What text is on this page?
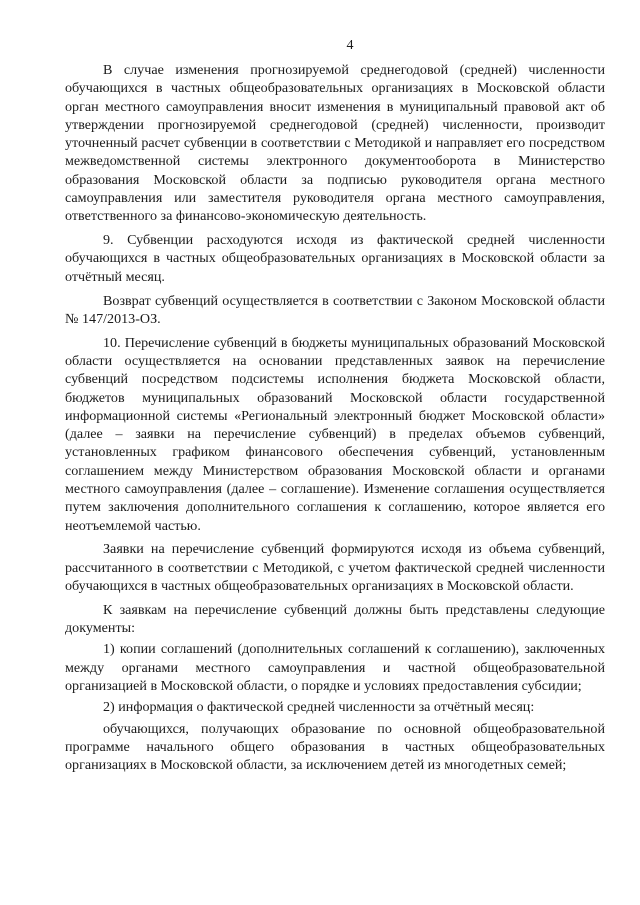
4

В случае изменения прогнозируемой среднегодовой (средней) численности обучающихся в частных общеобразовательных организациях в Московской области орган местного самоуправления вносит изменения в муниципальный правовой акт об утверждении прогнозируемой среднегодовой (средней) численности, производит уточненный расчет субвенции в соответствии с Методикой и направляет его посредством межведомственной системы электронного документооборота в Министерство образования Московской области за подписью руководителя органа местного самоуправления или заместителя руководителя органа местного самоуправления, ответственного за финансово-экономическую деятельность.

9. Субвенции расходуются исходя из фактической средней численности обучающихся в частных общеобразовательных организациях в Московской области за отчётный месяц.

Возврат субвенций осуществляется в соответствии с Законом Московской области № 147/2013-ОЗ.

10. Перечисление субвенций в бюджеты муниципальных образований Московской области осуществляется на основании представленных заявок на перечисление субвенций посредством подсистемы исполнения бюджета Московской области, бюджетов муниципальных образований Московской области государственной информационной системы «Региональный электронный бюджет Московской области» (далее – заявки на перечисление субвенций) в пределах объемов субвенций, установленных графиком финансового обеспечения субвенций, установленным соглашением между Министерством образования Московской области и органами местного самоуправления (далее – соглашение). Изменение соглашения осуществляется путем заключения дополнительного соглашения к соглашению, которое является его неотъемлемой частью.

Заявки на перечисление субвенций формируются исходя из объема субвенций, рассчитанного в соответствии с Методикой, с учетом фактической средней численности обучающихся в частных общеобразовательных организациях в Московской области.

К заявкам на перечисление субвенций должны быть представлены следующие документы:

1) копии соглашений (дополнительных соглашений к соглашению), заключенных между органами местного самоуправления и частной общеобразовательной организацией в Московской области, о порядке и условиях предоставления субсидии;

2) информация о фактической средней численности за отчётный месяц:

обучающихся, получающих образование по основной общеобразовательной программе начального общего образования в частных общеобразовательных организациях в Московской области, за исключением детей из многодетных семей;
